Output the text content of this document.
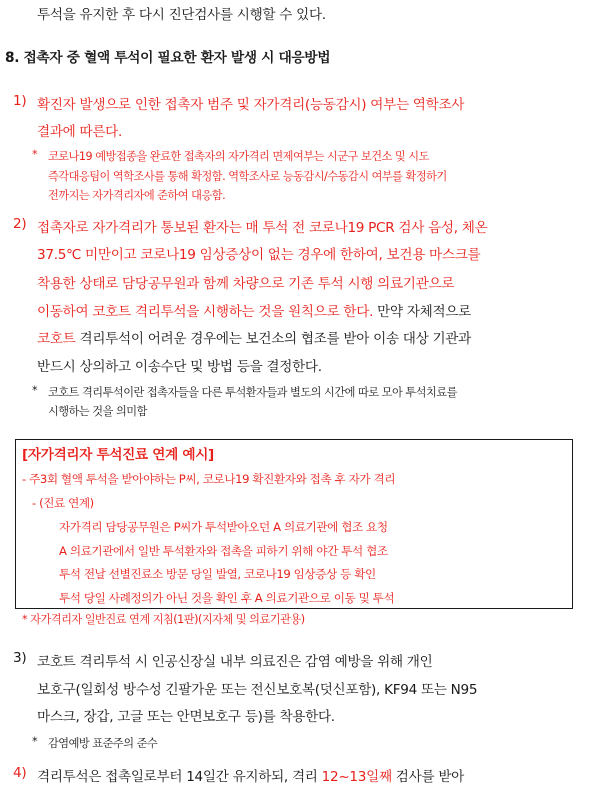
투석을 유지한 후 다시 진단검사를 시행할 수 있다.
8. 접촉자 중 혈액 투석이 필요한 환자 발생 시 대응방법
1) 확진자 발생으로 인한 접촉자 범주 및 자가격리(능동감시) 여부는 역학조사
결과에 따른다.
* 코로나19 예방접종을 완료한 접촉자의 자가격리 면제여부는 시군구 보건소 및 시도
즉각대응팀이 역학조사를 통해 확정함. 역학조사로 능동감시/수동감시 여부를 확정하기
전까지는 자가격리자에 준하여 대응함.
2) 접촉자로 자가격리가 통보된 환자는 매 투석 전 코로나19 PCR 검사 음성, 체온
37.5℃ 미만이고 코로나19 임상증상이 없는 경우에 한하여, 보건용 마스크를
착용한 상태로 담당공무원과 함께 차량으로 기존 투석 시행 의료기관으로
이동하여 코호트 격리투석을 시행하는 것을 원칙으로 한다. 만약 자체적으로
코호트 격리투석이 어려운 경우에는 보건소의 협조를 받아 이송 대상 기관과
반드시 상의하고 이송수단 및 방법 등을 결정한다.
* 코호트 격리투석이란 접촉자들을 다른 투석환자들과 별도의 시간에 따로 모아 투석치료를
시행하는 것을 의미함
[자가격리자 투석진료 연계 예시]
- 주3회 혈액 투석을 받아야하는 P씨, 코로나19 확진환자와 접촉 후 자가 격리
- (진료 연계)
자가격리 담당공무원은 P씨가 투석받아오던 A 의료기관에 협조 요청
A 의료기관에서 일반 투석환자와 접촉을 피하기 위해 야간 투석 협조
투석 전날 선별진료소 방문 당일 발열, 코로나19 임상증상 등 확인
투석 당일 사례정의가 아닌 것을 확인 후 A 의료기관으로 이동 및 투석
* 자가격리자 일반진료 연계 지침(1판)(지자체 및 의료기관용)
3) 코호트 격리투석 시 인공신장실 내부 의료진은 감염 예방을 위해 개인
보호구(일회성 방수성 긴팔가운 또는 전신보호복(덧신포함), KF94 또는 N95
마스크, 장갑, 고글 또는 안면보호구 등)를 착용한다.
* 감염예방 표준주의 준수
4) 격리투석은 접촉일로부터 14일간 유지하되, 격리 12~13일째 검사를 받아
